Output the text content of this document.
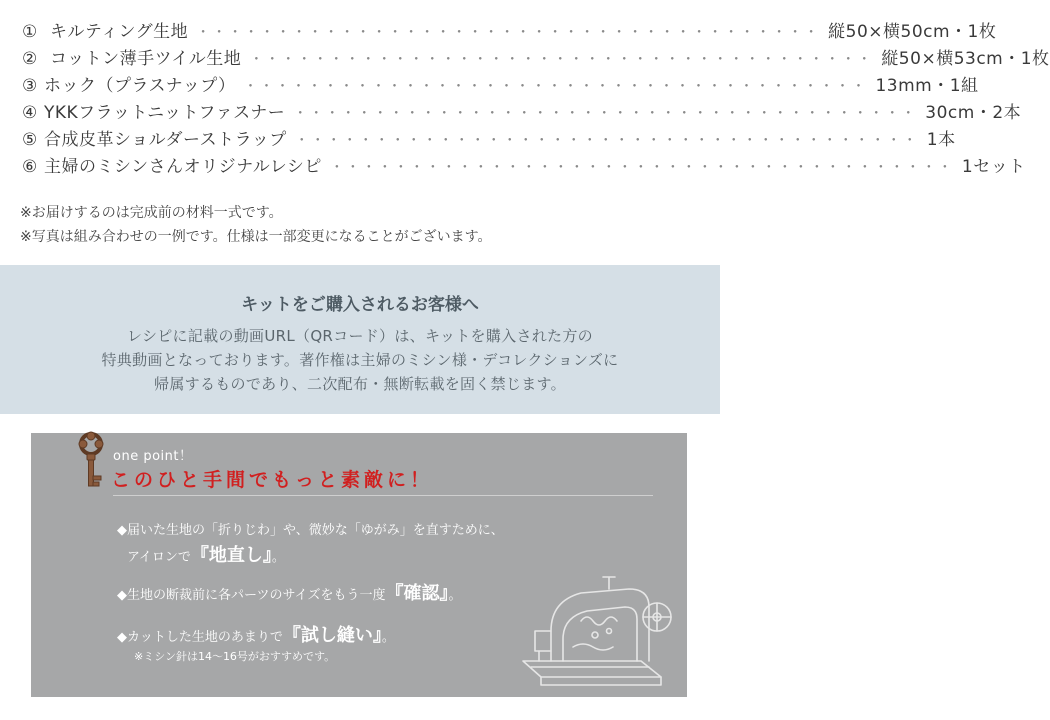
① キルティング生地 ・・・・・・・・・・・・・・・・・・・・・・・・・・・・・・・・・・・・・・・ 縦50×横50cm・1枚
② コットン薄手ツイル生地 ・・・・・・・・・・・・・・・・・・・・・・・・・・・・・・・・・・・・・・・ 縦50×横53cm・1枚
③ ホック（プラスナップ） ・・・・・・・・・・・・・・・・・・・・・・・・・・・・・・・・・・・・・・・ 13mm・1組
④ YKKフラットニットファスナー ・・・・・・・・・・・・・・・・・・・・・・・・・・・・・・・・・・・・・・・ 30cm・2本
⑤ 合成皮革ショルダーストラップ ・・・・・・・・・・・・・・・・・・・・・・・・・・・・・・・・・・・・・・・ 1本
⑥ 主婦のミシンさんオリジナルレシピ ・・・・・・・・・・・・・・・・・・・・・・・・・・・・・・・・・・・・・・・ 1セット
※お届けするのは完成前の材料一式です。
※写真は組み合わせの一例です。仕様は一部変更になることがございます。
キットをご購入されるお客様へ
レシピに記載の動画URL（QRコード）は、キットを購入された方の
特典動画となっております。著作権は主婦のミシン様・デコレクションズに
帰属するものであり、二次配布・無断転載を固く禁じます。
one point！
このひと手間でもっと素敵に！
◆届いた生地の「折りじわ」や、微妙な「ゆがみ」を直すために、
アイロンで『地直し』。
◆生地の断裁前に各パーツのサイズをもう一度『確認』。
◆カットした生地のあまりで『試し縫い』。
※ミシン針は14～16号がおすすめです。
